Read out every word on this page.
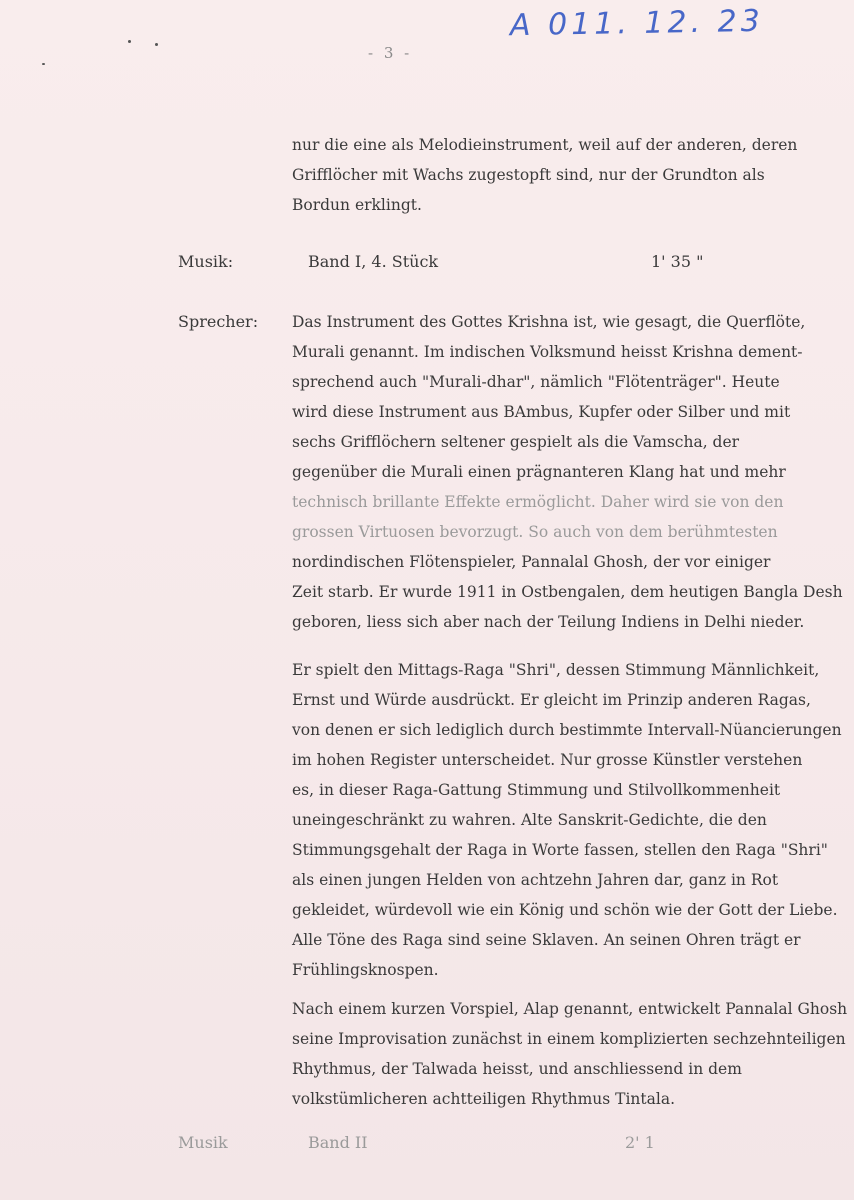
A 011. 12. 23
- 3 -
nur die eine als Melodieinstrument, weil auf der anderen, deren
Grifflöcher mit Wachs zugestopft sind, nur der Grundton als
Bordun erklingt.
Musik:	Band I, 4. Stück	1' 35 "
Sprecher: Das Instrument des Gottes Krishna ist, wie gesagt, die Querflöte,
Murali genannt. Im indischen Volksmund heisst Krishna dement-
sprechend auch "Murali-dhar", nämlich "Flötenträger". Heute
wird diese Instrument aus BAmbus, Kupfer oder Silber und mit
sechs Grifflöchern seltener gespielt als die Vamscha, der
gegenüber die Murali einen prägnanteren Klang hat und mehr
technisch brillante Effekte ermöglicht. Daher wird sie von den
grossen Virtuosen bevorzugt. So auch von dem berühmtesten
nordindischen Flötenspieler, Pannalal Ghosh, der vor einiger
Zeit starb. Er wurde 1911 in Ostbengalen, dem heutigen Bangla Desh
geboren, liess sich aber nach der Teilung Indiens in Delhi nieder.
Er spielt den Mittags-Raga "Shri", dessen Stimmung Männlichkeit,
Ernst und Würde ausdrückt. Er gleicht im Prinzip anderen Ragas,
von denen er sich lediglich durch bestimmte Intervall-Nüancierungen
im hohen Register unterscheidet. Nur grosse Künstler verstehen
es, in dieser Raga-Gattung Stimmung und Stilvollkommenheit
uneingeschränkt zu wahren. Alte Sanskrit-Gedichte, die den
Stimmungsgehalt der Raga in Worte fassen, stellen den Raga "Shri"
als einen jungen Helden von achtzehn Jahren dar, ganz in Rot
gekleidet, würdevoll wie ein König und schön wie der Gott der Liebe.
Alle Töne des Raga sind seine Sklaven. An seinen Ohren trägt er
Frühlingsknospen.
Nach einem kurzen Vorspiel, Alap genannt, entwickelt Pannalal Ghosh
seine Improvisation zunächst in einem komplizierten sechzehnteiligen
Rhythmus, der Talwada heisst, und anschliessend in dem
volkstümlicheren achtteiligen Rhythmus Tintala.
Musik	Band II	2' 1
